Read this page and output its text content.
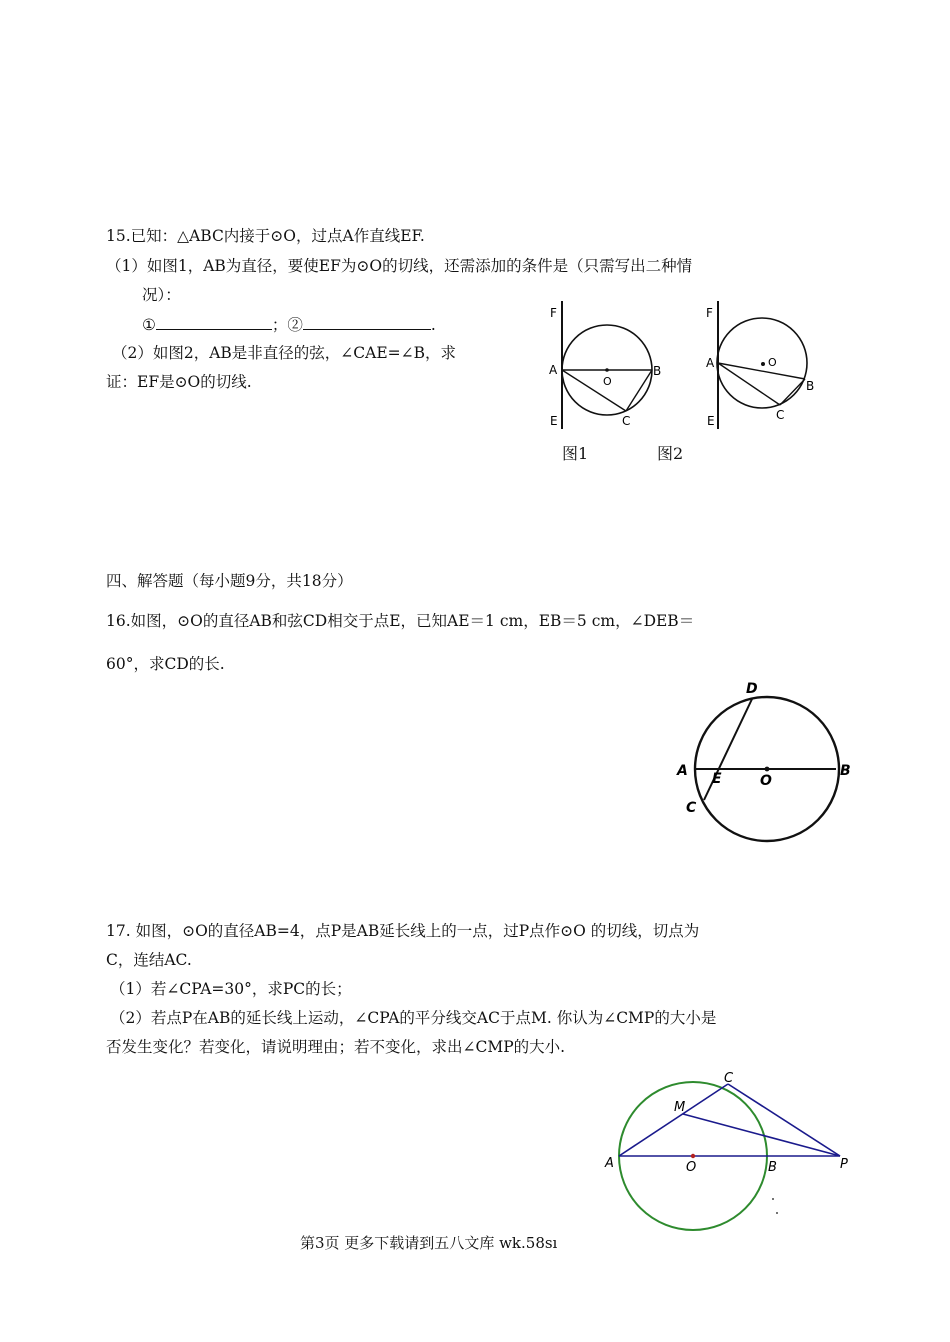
15.已知：△ABC内接于⊙O，过点A作直线EF.
（1）如图1，AB为直径，要使EF为⊙O的切线，还需添加的条件是（只需写出二种情
况）：
①	；②	.
（2）如图2，AB是非直径的弦，∠CAE=∠B，求
证：EF是⊙O的切线.
F
A
E
O
B
C
F
A
E
O
B
C
图1	图2
四、解答题（每小题9分，共18分）
16.如图，⊙O的直径AB和弦CD相交于点E，已知AE＝1 cm，EB＝5 cm，∠DEB＝
60°，求CD的长.
D
A E	O
B
C
17. 如图，⊙O的直径AB=4，点P是AB延长线上的一点，过P点作⊙O 的切线，切点为
C，连结AC.
（1）若∠CPA=30°，求PC的长；
（2）若点P在AB的延长线上运动，∠CPA的平分线交AC于点M. 你认为∠CMP的大小是
否发生变化？若变化，请说明理由；若不变化，求出∠CMP的大小.
C
M
A	O	B	P
第3页 更多下载请到五八文库 wk.58sı
